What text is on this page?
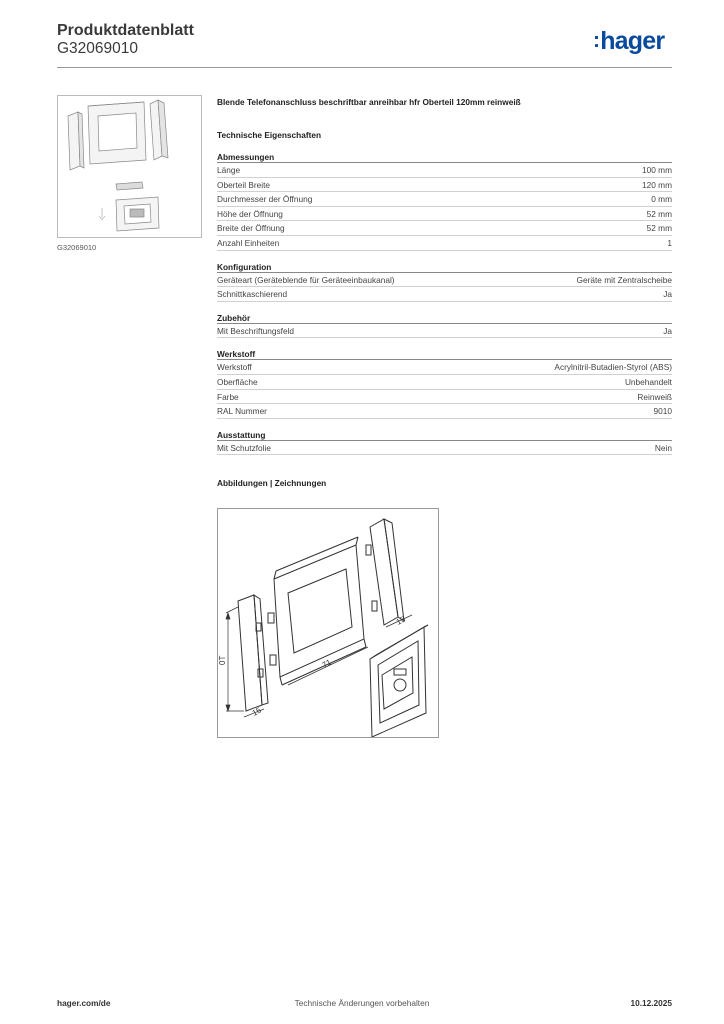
Produktdatenblatt
G32069010	:hager
G32069010
Blende Telefonanschluss beschriftbar anreihbar hfr Oberteil 120mm reinweiß
Technische Eigenschaften
Abmessungen
Länge	100 mm
Oberteil Breite	120 mm
Durchmesser der Öffnung	0 mm
Höhe der Öffnung	52 mm
Breite der Öffnung	52 mm
Anzahl Einheiten	1
Konfiguration
Geräteart (Geräteblende für Geräteeinbaukanal)	Geräte mit Zentralscheibe
Schnittkaschierend	Ja
Zubehör
Mit Beschriftungsfeld	Ja
Werkstoff
Werkstoff	Acrylnitril-Butadien-Styrol (ABS)
Oberfläche	Unbehandelt
Farbe	Reinweiß
RAL Nummer	9010
Ausstattung
Mit Schutzfolie	Nein
Abbildungen | Zeichnungen
0T
15
71
15
hager.com/de	Technische Änderungen vorbehalten	10.12.2025
